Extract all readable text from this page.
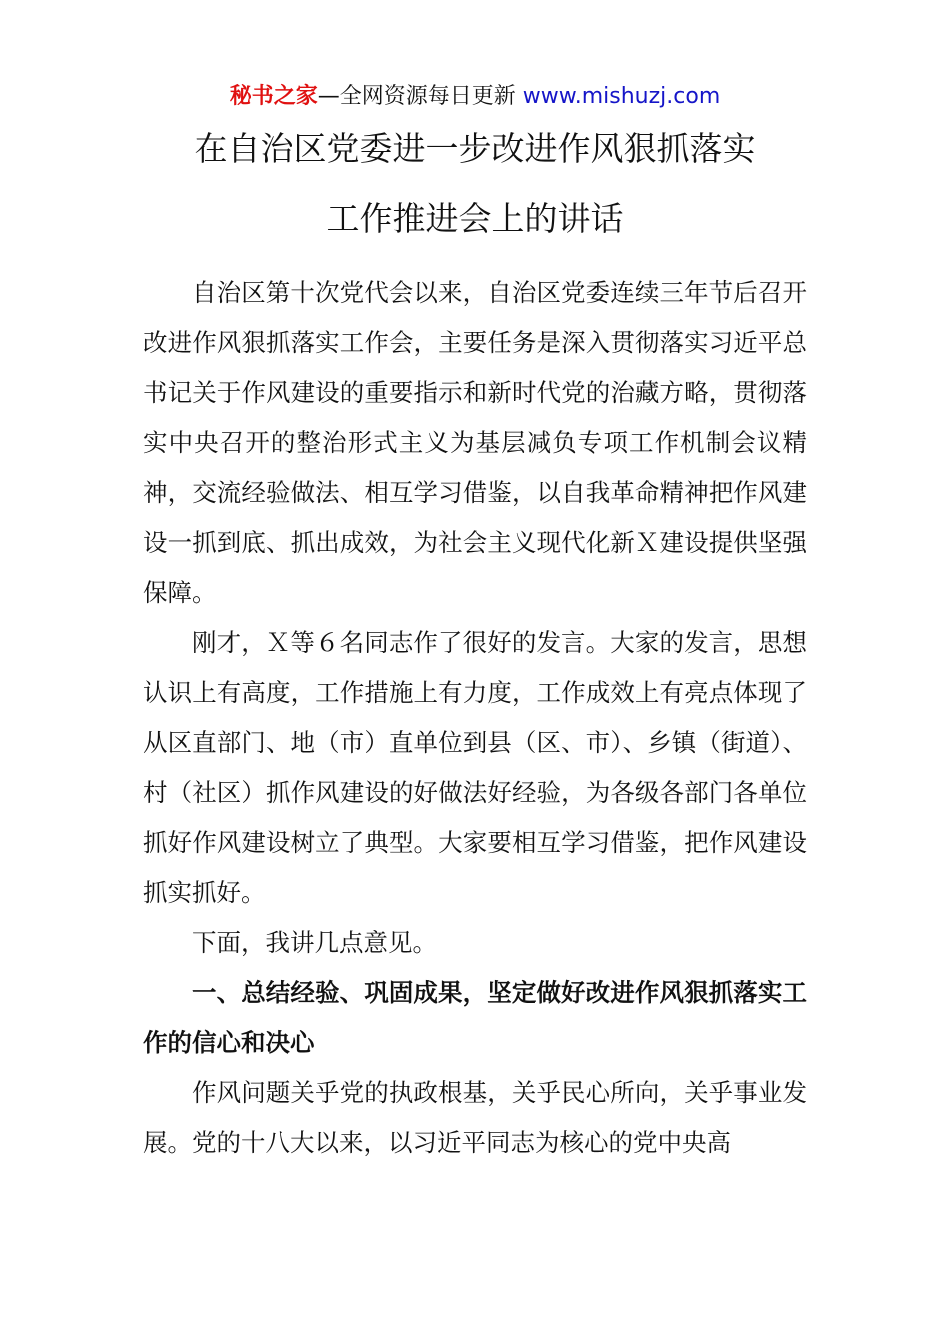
秘书之家—全网资源每日更新 www.mishuzj.com
在自治区党委进一步改进作风狠抓落实
工作推进会上的讲话

自治区第十次党代会以来，自治区党委连续三年节后召开改进作风狠抓落实工作会，主要任务是深入贯彻落实习近平总书记关于作风建设的重要指示和新时代党的治藏方略，贯彻落实中央召开的整治形式主义为基层减负专项工作机制会议精神，交流经验做法、相互学习借鉴，以自我革命精神把作风建设一抓到底、抓出成效，为社会主义现代化新Ｘ建设提供坚强保障。

刚才，Ｘ等６名同志作了很好的发言。大家的发言，思想认识上有高度，工作措施上有力度，工作成效上有亮点体现了从区直部门、地（市）直单位到县（区、市）、乡镇（街道）、村（社区）抓作风建设的好做法好经验，为各级各部门各单位抓好作风建设树立了典型。大家要相互学习借鉴，把作风建设抓实抓好。

下面，我讲几点意见。

一、总结经验、巩固成果，坚定做好改进作风狠抓落实工作的信心和决心

作风问题关乎党的执政根基，关乎民心所向，关乎事业发展。党的十八大以来，以习近平同志为核心的党中央高
